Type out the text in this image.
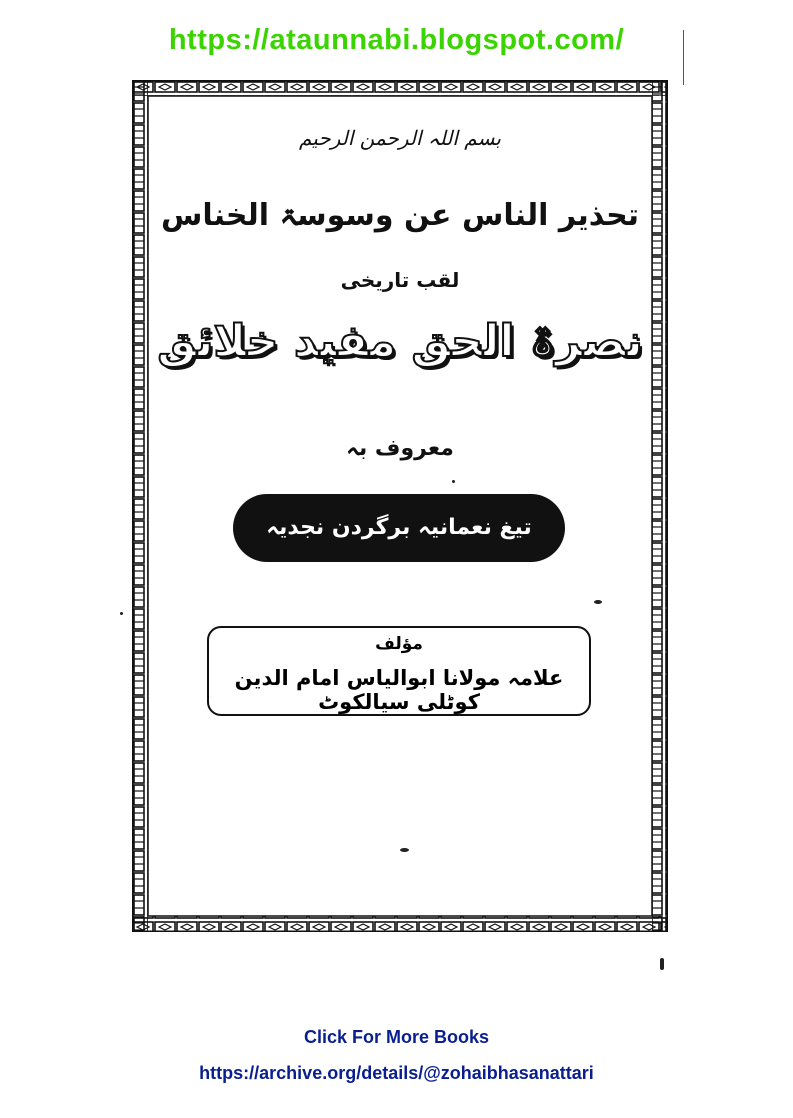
https://ataunnabi.blogspot.com/
بسم اللہ الرحمن الرحیم
تحذیر الناس عن وسوسۃ الخناس
لقب تاریخی
نصرۃ الحق مفید خلائق
معروف بہ
تیغ نعمانیہ برگردن نجدیہ شیطانیہ
مؤلف
علامہ مولانا ابوالیاس امام الدین کوٹلی سیالکوٹ
Click For More Books
https://archive.org/details/@zohaibhasanattari
